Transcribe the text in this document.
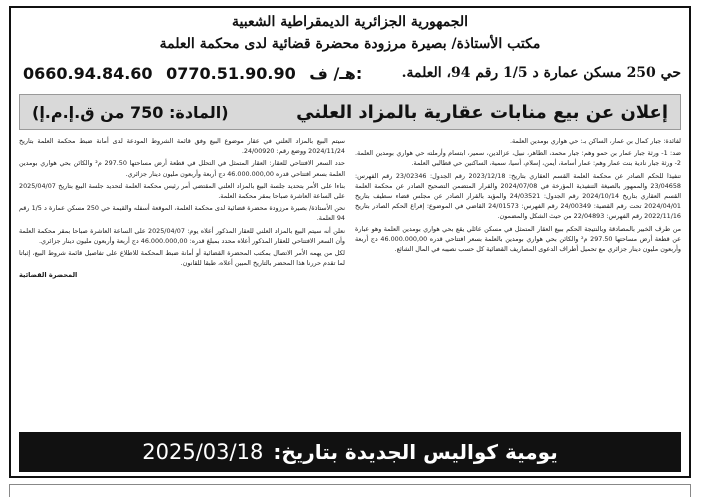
الجمهورية الجزائرية الديمقراطية الشعبية
مكتب الأستاذة/ بصيرة مرزودة محضرة قضائية لدى محكمة العلمة
حي 250 مسكن عمارة د 1/5 رقم 94، العلمة.
0660.94.84.60 0770.51.90.90 هـ/ ف:
إعلان عن بيع منابات عقارية بالمزاد العلني
(المادة: 750 من ق.إ.م.إ)

لفائدة: جبار كمال بن عمار، الساكن بـ: حي هواري بومدين العلمة.

ضد: 1- ورثة جبار عمار بن حمو وهم: جبار محمد، الطاهر، نبيل، عزالدين، سمير، ابتسام وأرملته حي هواري بومدين العلمة. 2- ورثة جبار نادية بنت عمار وهم: عمار أسامة، أيمن، إسلام، أسيا، سمية، الساكنين حي قطالبي العلمة.

تنفيذا للحكم الصادر عن محكمة العلمة القسم العقاري بتاريخ: 2023/12/18 رقم الجدول: 23/02346 رقم الفهرس: 23/04658 والممهور بالصيغة التنفيذية المؤرخة في 2024/07/08 والقرار المتضمن التصحيح الصادر عن محكمة العلمة القسم العقاري بتاريخ 2024/10/14 رقم الجدول: 24/03521 والمؤيد بالقرار الصادر عن مجلس قضاء سطيف بتاريخ 2024/04/01 تحت رقم القضية: 24/00349 رقم الفهرس: 24/01573 القاضي في الموضوع: إفراغ الحكم الصادر بتاريخ 2022/11/16 رقم الفهرس: 22/04893 من حيث الشكل والمضمون.

من طرف الخبير بالمصادقة وبالنتيجة الحكم ببيع العقار المتمثل في مسكن عائلي يقع بحي هواري بومدين العلمة وهو عبارة عن قطعة أرض مساحتها 297.50 م² والكائن بحي هواري بومدين بالعلمة بسعر افتتاحي قدره 46.000.000,00 دج أربعة وأربعون مليون دينار جزائري مع تحميل أطراف الدعوى المصاريف القضائية كل حسب نصيبه في المال الشائع.

سيتم البيع بالمزاد العلني في عقار موضوع البيع وفق قائمة الشروط المودعة لدى أمانة ضبط محكمة العلمة بتاريخ 2024/11/24 ووضع رقم: 24/00920.

حدد السعر الافتتاحي للعقار: العقار المتمثل في التحلل في قطعة أرض مساحتها 297.50 م² والكائن بحي هواري بومدين العلمة بسعر افتتاحي قدره 46.000.000,00 دج أربعة وأربعون مليون دينار جزائري.

بناءا على الأمر بتحديد جلسة البيع بالمزاد العلني المقتضي أمر رئيس محكمة العلمة لتحديد جلسة البيع بتاريخ 2025/04/07 على الساعة العاشرة صباحا بمقر محكمة العلمة.

نحن الأستاذة/ بصيرة مرزودة محضرة قضائية لدى محكمة العلمة، الموقعة أسفله والقيمة حي 250 مسكن عمارة د 1/5 رقم 94 العلمة.

نعلن أنه سيتم البيع بالمزاد العلني للعقار المذكور أعلاه يوم: 2025/04/07 على الساعة العاشرة صباحا بمقر محكمة العلمة وأن السعر الافتتاحي للعقار المذكور أعلاه محدد بمبلغ قدره: 46.000.000,00 دج أربعة وأربعون مليون دينار جزائري.

لكل من يهمه الأمر الاتصال بمكتب المحضرة القضائية أو أمانة ضبط المحكمة للاطلاع على تفاصيل قائمة شروط البيع، إثباتا لما تقدم حررنا هذا المحضر بالتاريخ المبين أعلاه، طبقا للقانون.

المحضرة القضائية

يومية كواليس الجديدة بتاريخ:
2025/03/18
